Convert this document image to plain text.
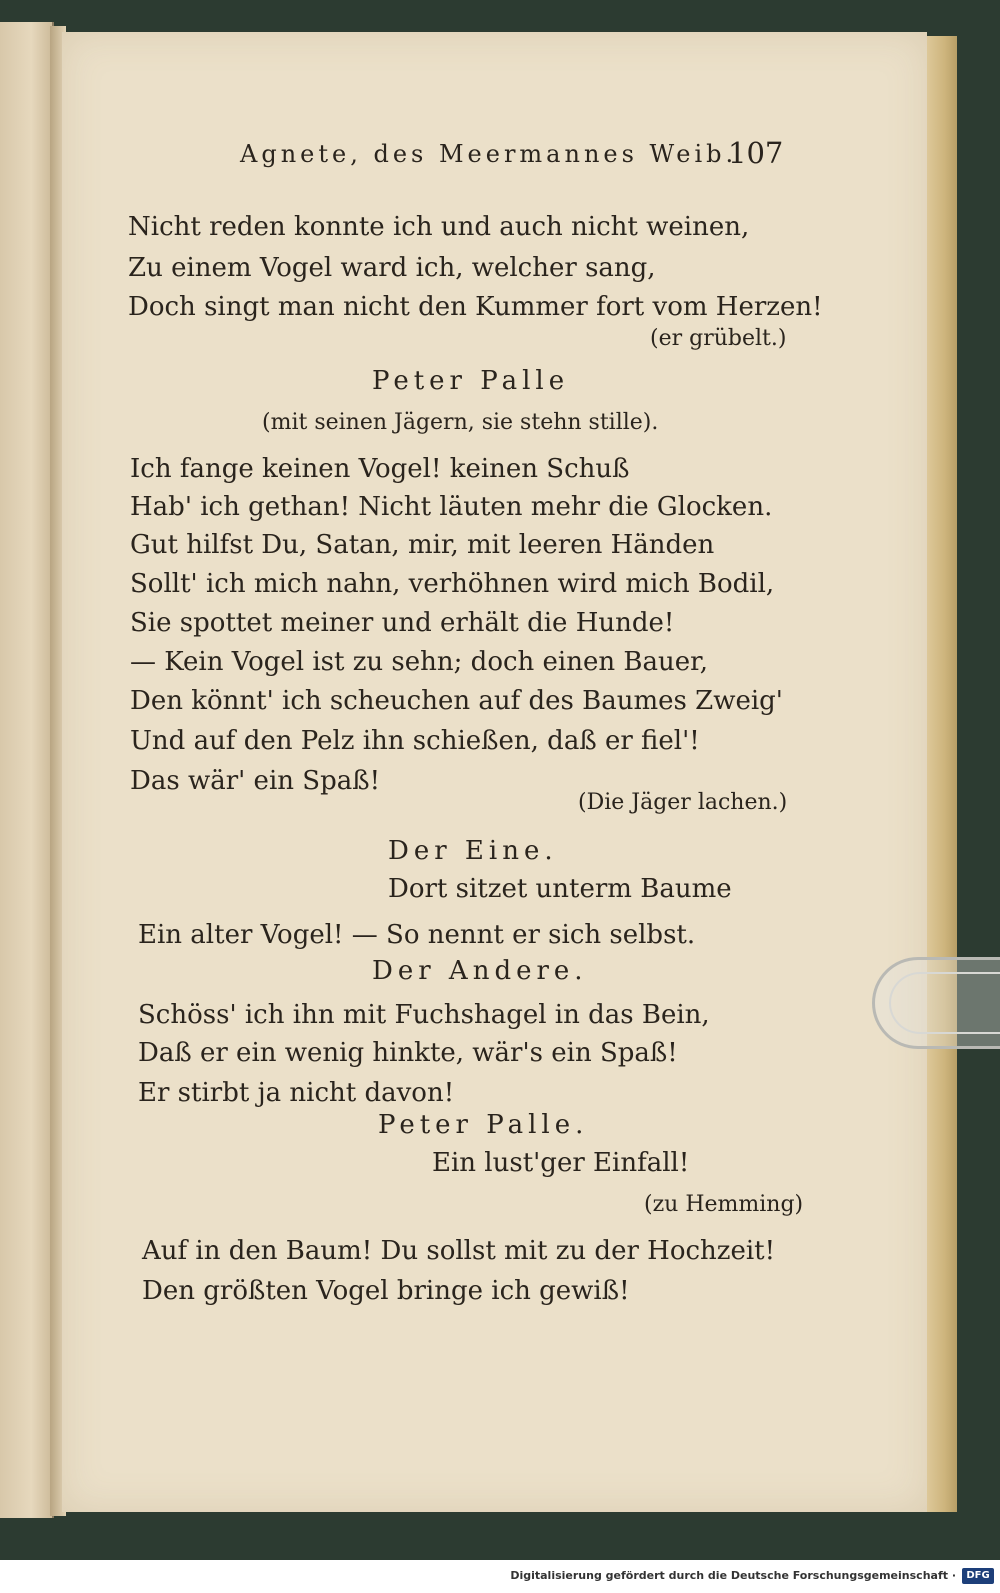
Agnete, des Meermannes Weib.
107
Nicht reden konnte ich und auch nicht weinen,
Zu einem Vogel ward ich, welcher sang,
Doch singt man nicht den Kummer fort vom Herzen!
(er grübelt.)
Peter Palle
(mit seinen Jägern, sie stehn stille).
Ich fange keinen Vogel! keinen Schuß
Hab' ich gethan! Nicht läuten mehr die Glocken.
Gut hilfst Du, Satan, mir, mit leeren Händen
Sollt' ich mich nahn, verhöhnen wird mich Bodil,
Sie spottet meiner und erhält die Hunde!
— Kein Vogel ist zu sehn; doch einen Bauer,
Den könnt' ich scheuchen auf des Baumes Zweig'
Und auf den Pelz ihn schießen, daß er fiel'!
Das wär' ein Spaß!
(Die Jäger lachen.)
Der Eine.
Dort sitzet unterm Baume
Ein alter Vogel! — So nennt er sich selbst.
Der Andere.
Schöss' ich ihn mit Fuchshagel in das Bein,
Daß er ein wenig hinkte, wär's ein Spaß!
Er stirbt ja nicht davon!
Peter Palle.
Ein lust'ger Einfall!
(zu Hemming)
Auf in den Baum! Du sollst mit zu der Hochzeit!
Den größten Vogel bringe ich gewiß!
Digitalisierung gefördert durch die Deutsche Forschungsgemeinschaft ·	DFG
